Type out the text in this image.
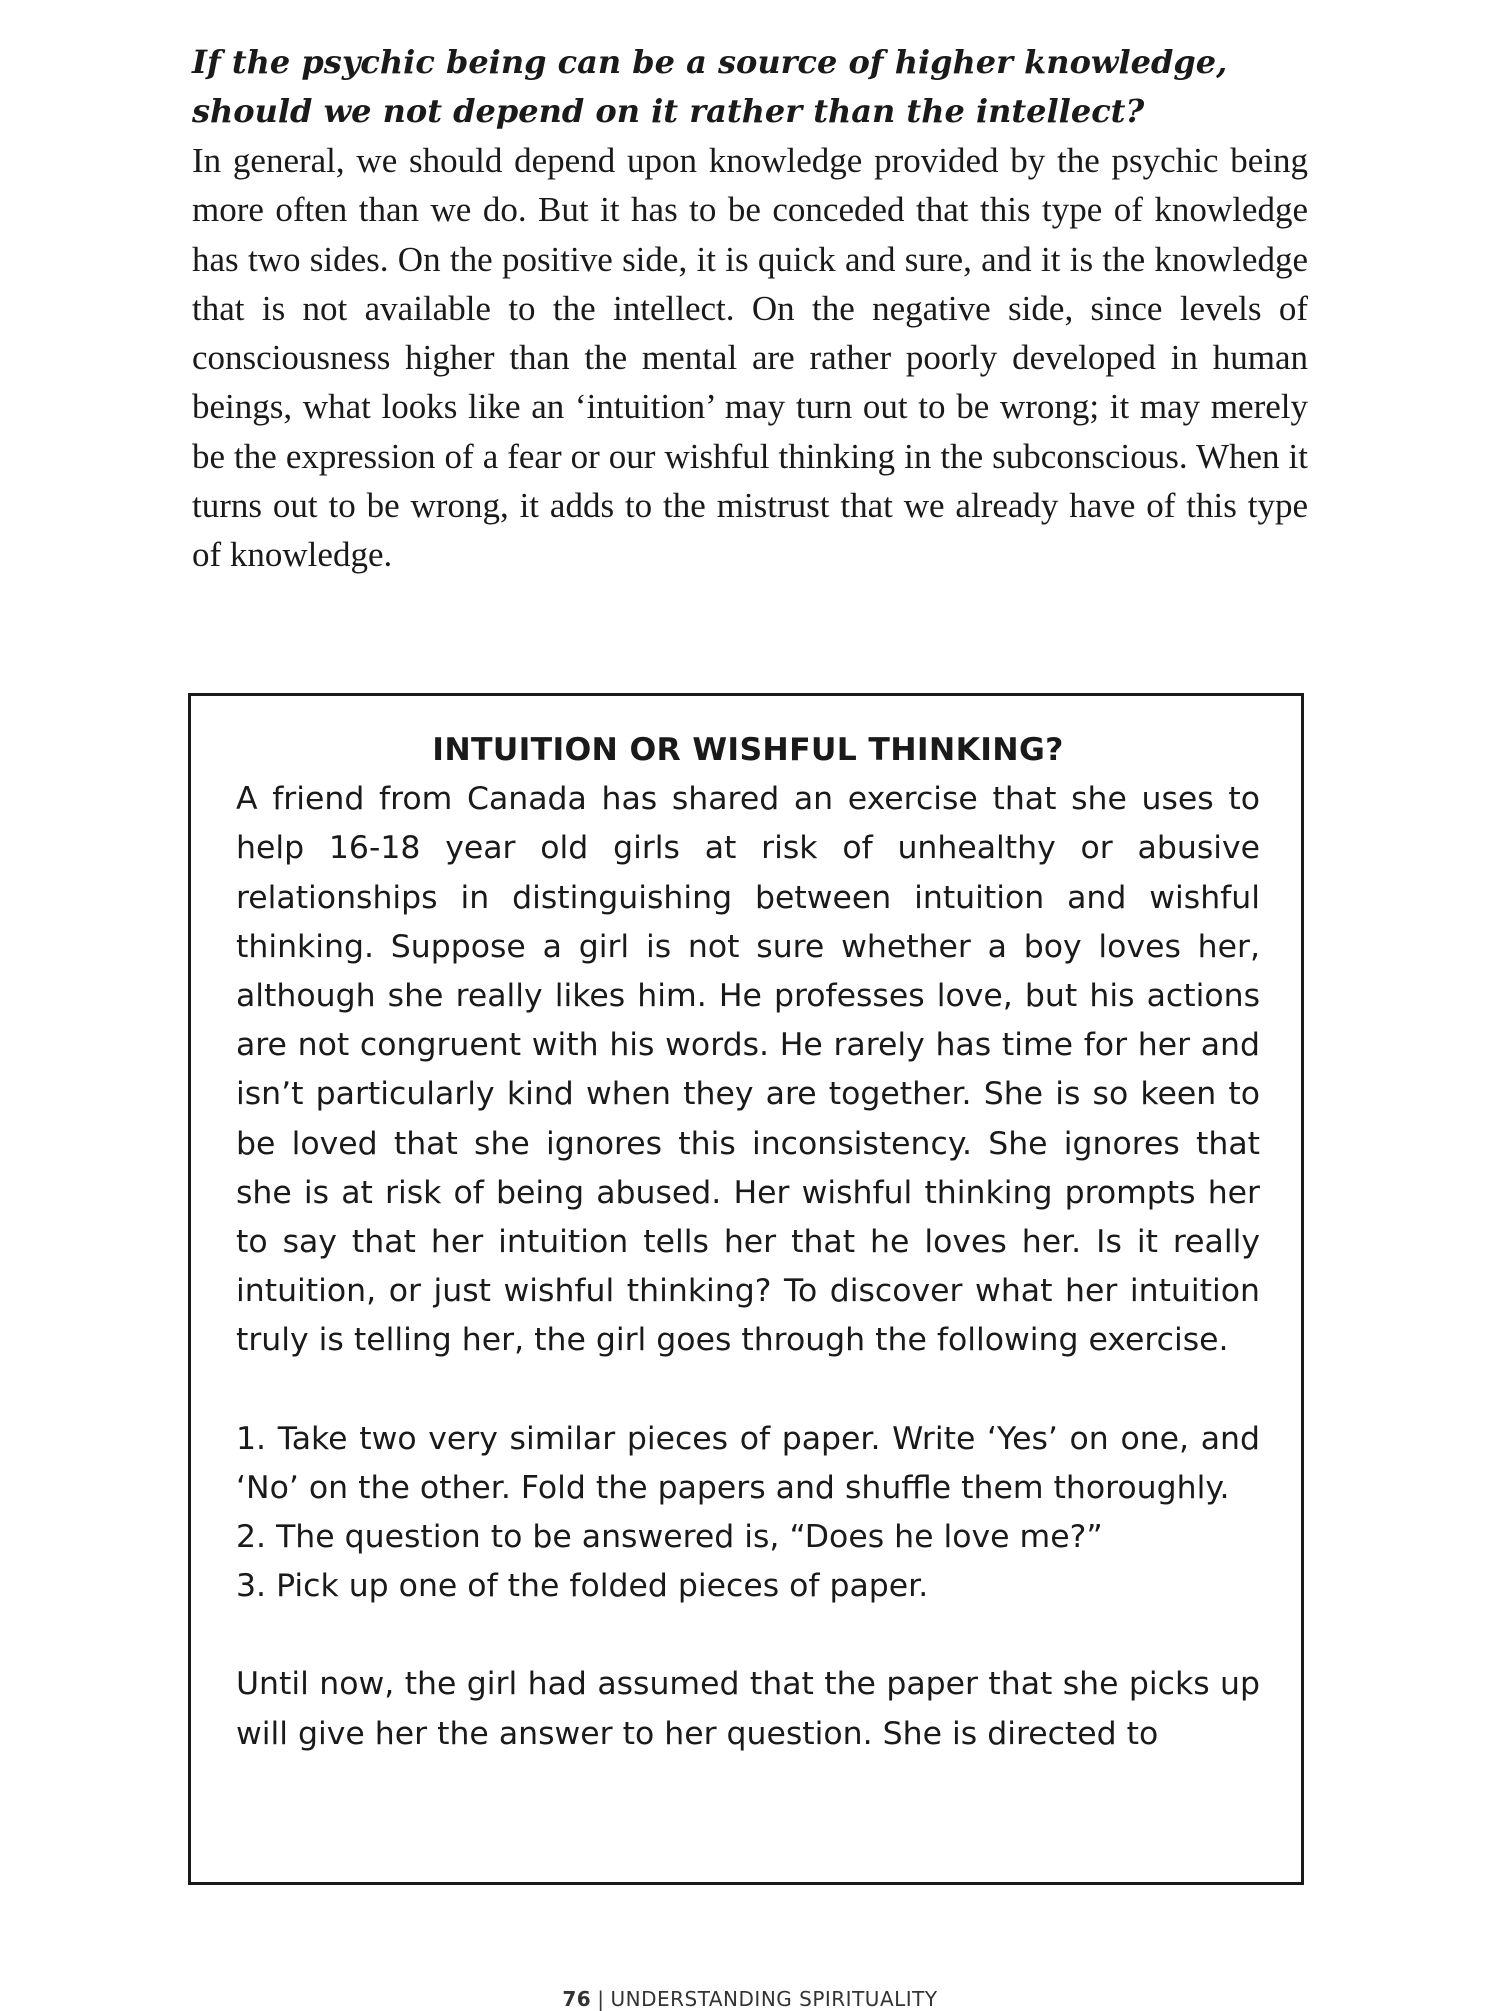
If the psychic being can be a source of higher knowledge, should we not depend on it rather than the intellect?

In general, we should depend upon knowledge provided by the psychic being more often than we do. But it has to be conceded that this type of knowledge has two sides. On the positive side, it is quick and sure, and it is the knowledge that is not available to the intellect. On the negative side, since levels of consciousness higher than the mental are rather poorly developed in human beings, what looks like an ‘intuition’ may turn out to be wrong; it may merely be the expression of a fear or our wishful thinking in the subconscious. When it turns out to be wrong, it adds to the mistrust that we already have of this type of knowledge.

INTUITION OR WISHFUL THINKING?

A friend from Canada has shared an exercise that she uses to help 16-18 year old girls at risk of unhealthy or abusive relationships in distinguishing between intuition and wishful thinking. Suppose a girl is not sure whether a boy loves her, although she really likes him. He professes love, but his actions are not congruent with his words. He rarely has time for her and isn’t particularly kind when they are together. She is so keen to be loved that she ignores this inconsistency. She ignores that she is at risk of being abused. Her wishful thinking prompts her to say that her intuition tells her that he loves her. Is it really intuition, or just wishful thinking? To discover what her intuition truly is telling her, the girl goes through the following exercise.

1. Take two very similar pieces of paper. Write ‘Yes’ on one, and ‘No’ on the other. Fold the papers and shuffle them thoroughly.
2. The question to be answered is, “Does he love me?”
3. Pick up one of the folded pieces of paper.

Until now, the girl had assumed that the paper that she picks up will give her the answer to her question. She is directed to

76 | UNDERSTANDING SPIRITUALITY
